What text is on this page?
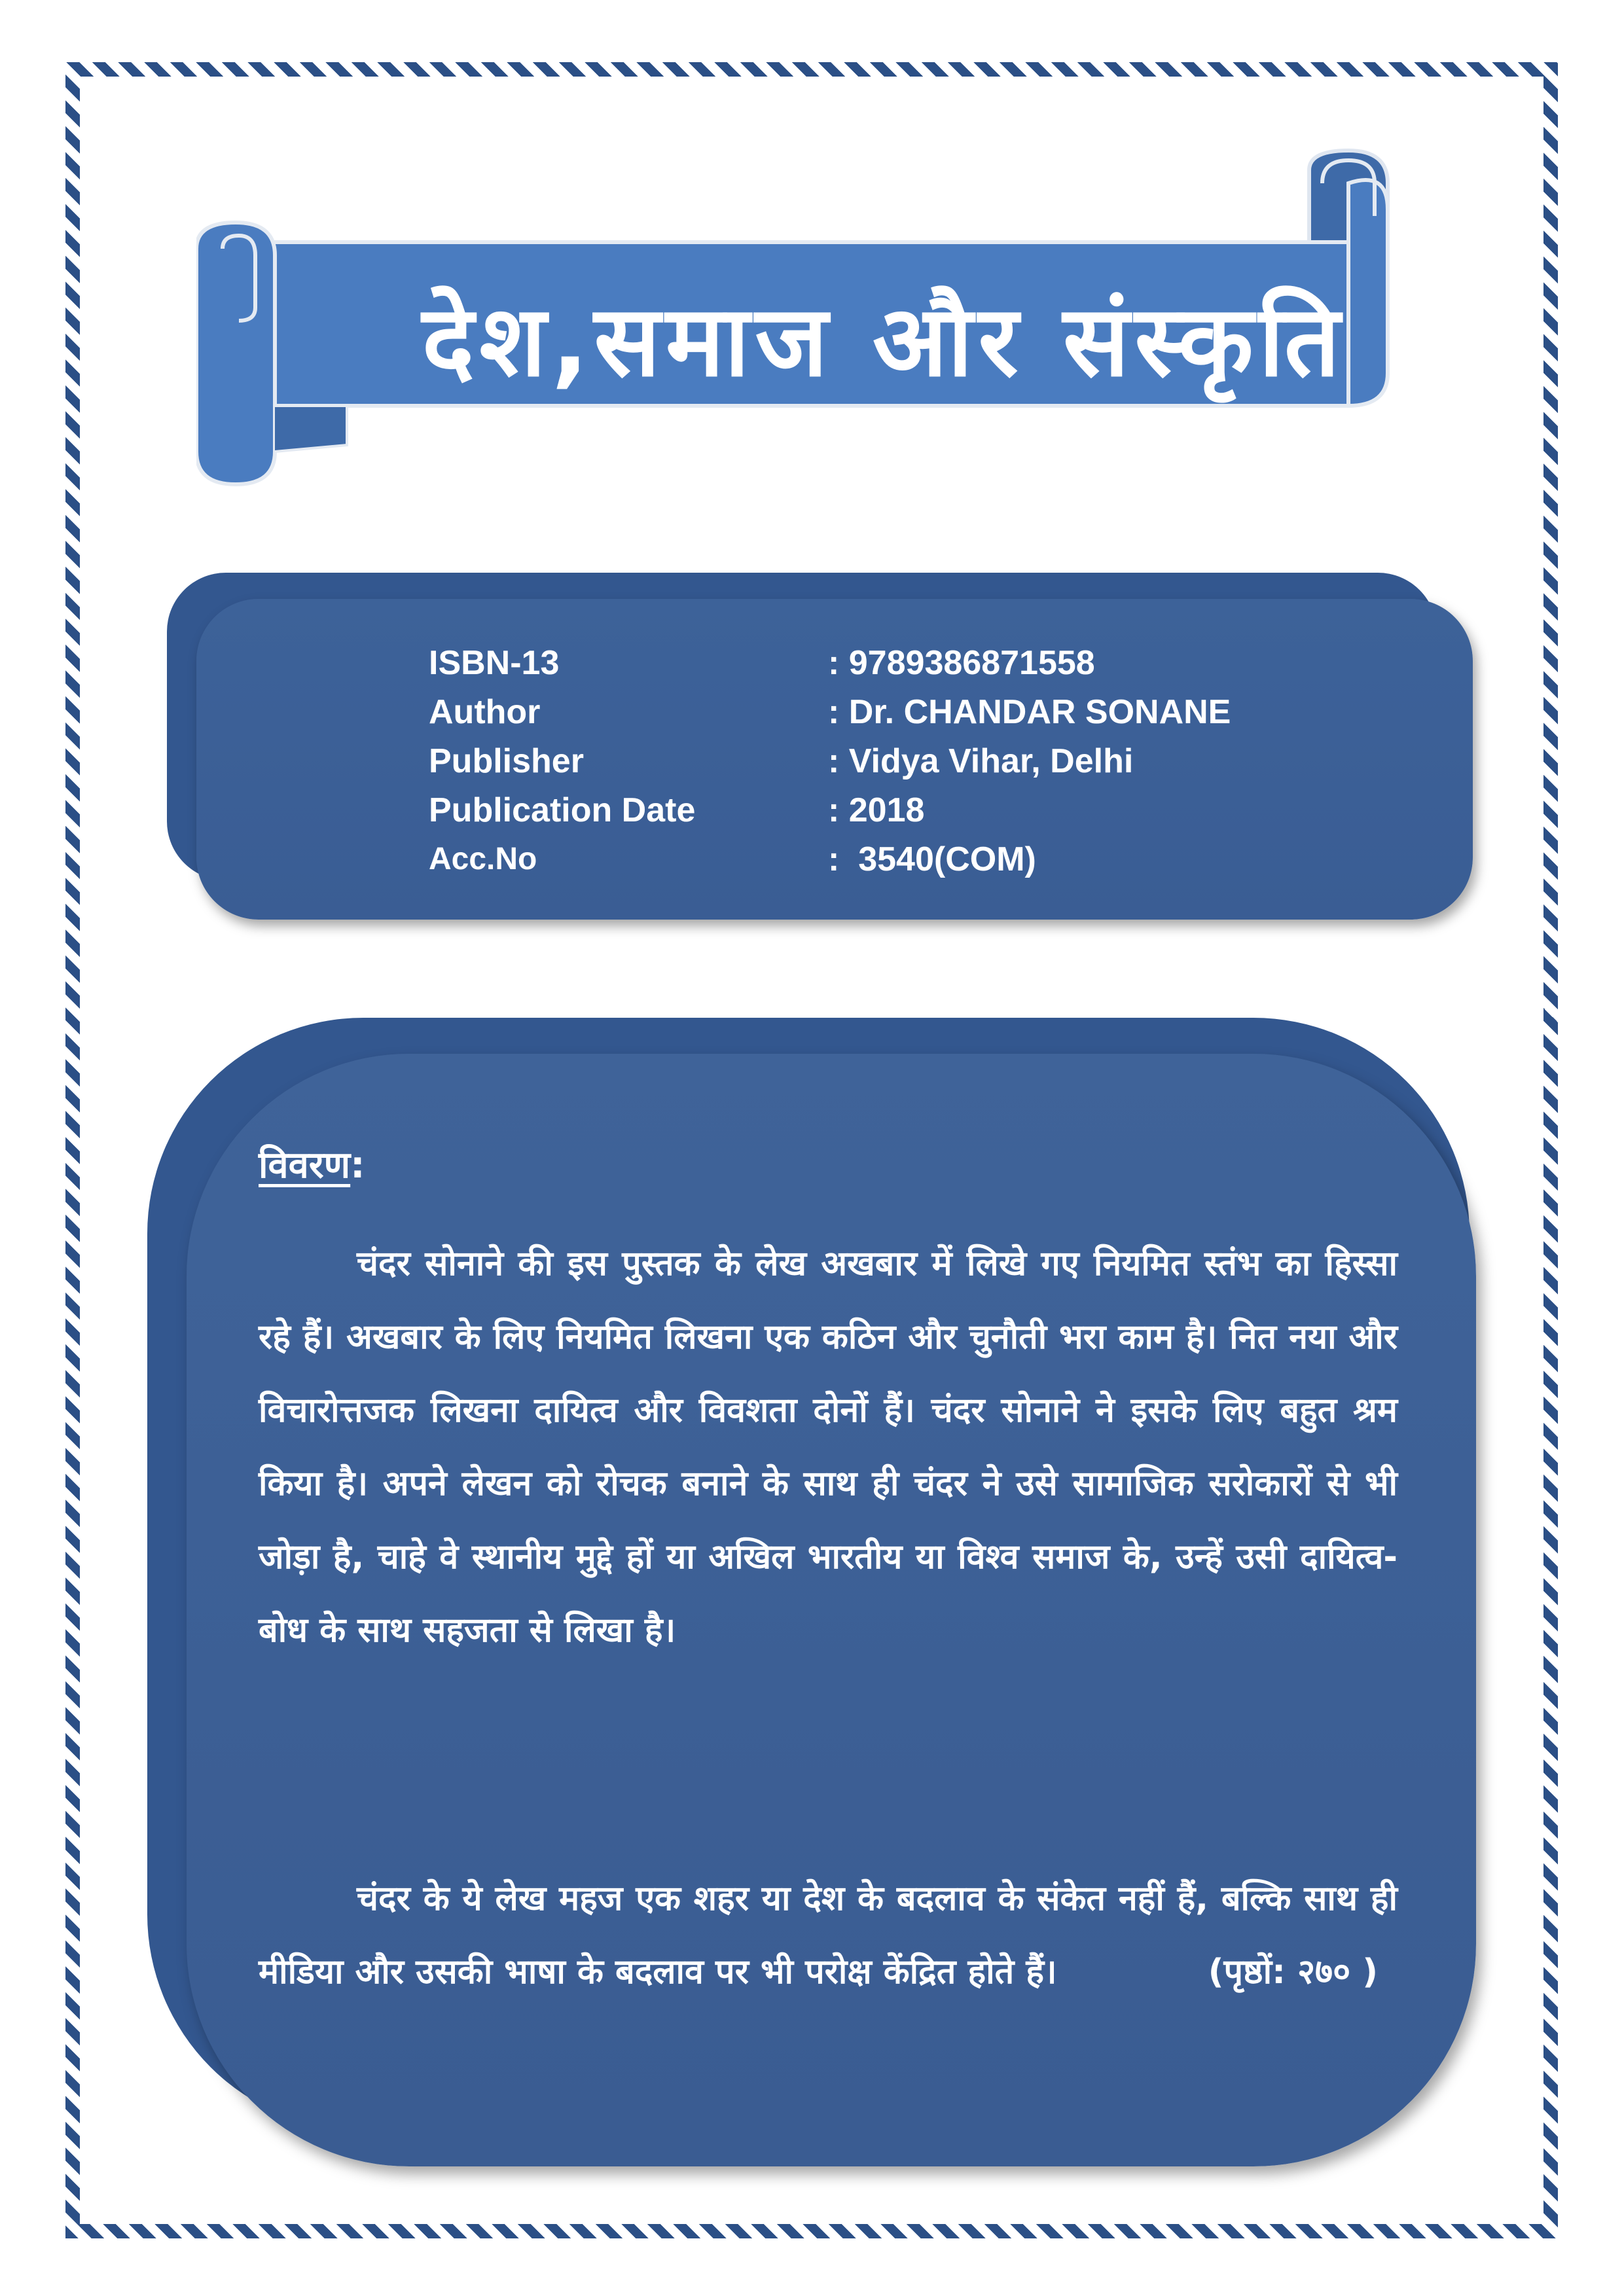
देश,समाज और संस्कृति
ISBN-13	: 9789386871558
Author	: Dr. CHANDAR SONANE
Publisher	: Vidya Vihar, Delhi
Publication Date	: 2018
Acc.No	:  3540(COM)
विवरण:

चंदर सोनाने की इस पुस्तक के लेख अखबार में लिखे गए नियमित स्तंभ का हिस्सा रहे हैं। अखबार के लिए नियमित लिखना एक कठिन और चुनौती भरा काम है। नित नया और विचारोत्तजक लिखना दायित्व और विवशता दोनों हैं। चंदर सोनाने ने इसके लिए बहुत श्रम किया है। अपने लेखन को रोचक बनाने के साथ ही चंदर ने उसे सामाजिक सरोकारों से भी जोड़ा है, चाहे वे स्थानीय मुद्दे हों या अखिल भारतीय या विश्व समाज के, उन्हें उसी दायित्व-बोध के साथ सहजता से लिखा है।

चंदर के ये लेख महज एक शहर या देश के बदलाव के संकेत नहीं हैं, बल्कि साथ ही मीडिया और उसकी भाषा के बदलाव पर भी परोक्ष केंद्रित होते हैं।	(पृष्ठों: २७० )
